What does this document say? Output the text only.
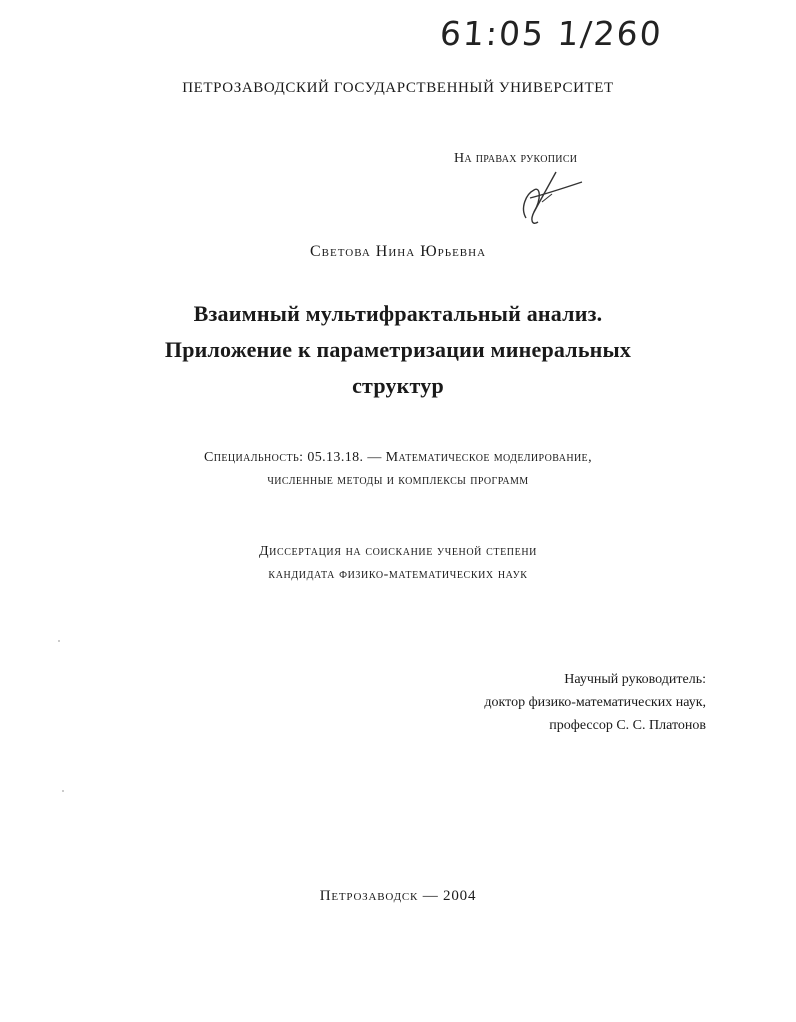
61:05 1/260
ПЕТРОЗАВОДСКИЙ ГОСУДАРСТВЕННЫЙ УНИВЕРСИТЕТ
На правах рукописи
Светова Нина Юрьевна
Взаимный мультифрактальный анализ.
Приложение к параметризации минеральных
структур
Специальность: 05.13.18. — Математическое моделирование,
численные методы и комплексы программ
Диссертация на соискание ученой степени
кандидата физико-математических наук
Научный руководитель:
доктор физико-математических наук,
профессор С. С. Платонов
Петрозаводск — 2004
